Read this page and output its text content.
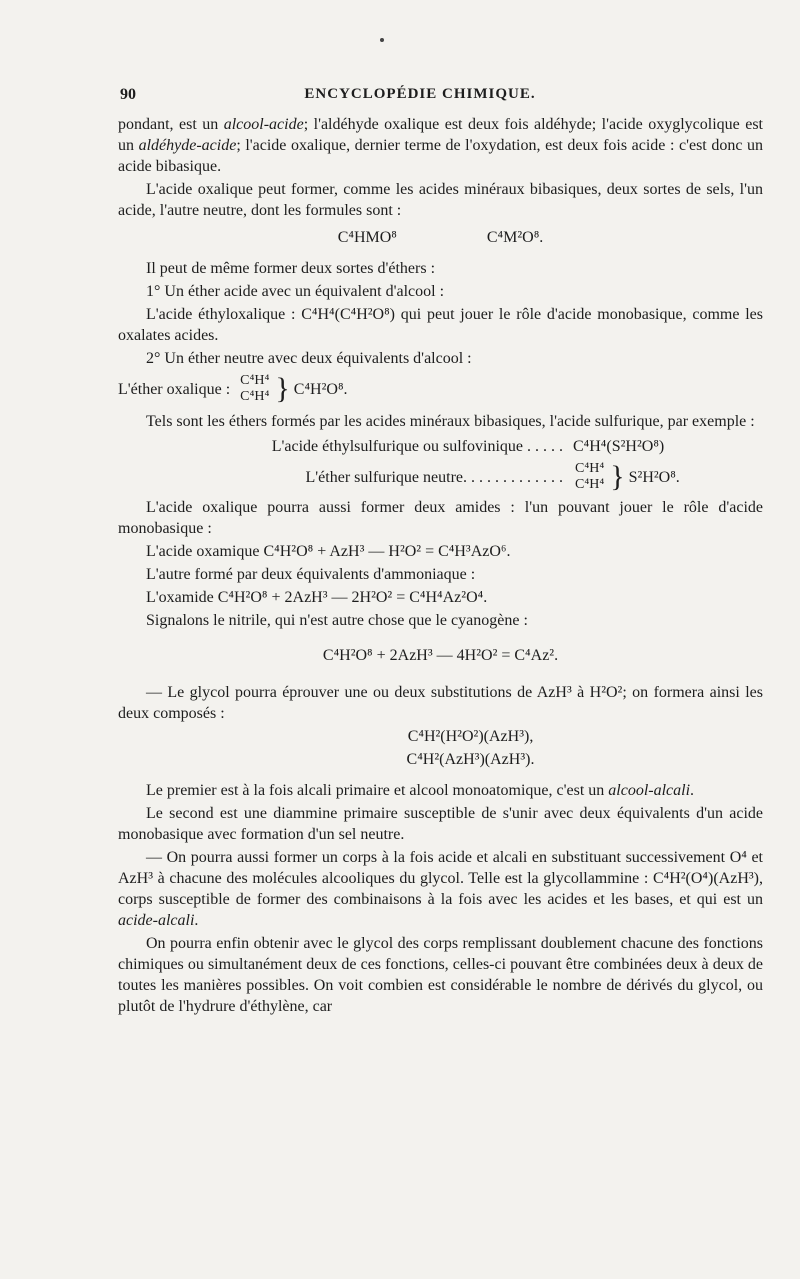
90	ENCYCLOPÉDIE CHIMIQUE.

pondant, est un alcool-acide; l'aldéhyde oxalique est deux fois aldéhyde; l'acide oxyglycolique est un aldéhyde-acide; l'acide oxalique, dernier terme de l'oxydation, est deux fois acide : c'est donc un acide bibasique.

L'acide oxalique peut former, comme les acides minéraux bibasiques, deux sortes de sels, l'un acide, l'autre neutre, dont les formules sont :

C⁴HMO⁸	C⁴M²O⁸.

Il peut de même former deux sortes d'éthers :

1° Un éther acide avec un équivalent d'alcool :

L'acide éthyloxalique : C⁴H⁴(C⁴H²O⁸) qui peut jouer le rôle d'acide monobasique, comme les oxalates acides.

2° Un éther neutre avec deux équivalents d'alcool :

L'éther oxalique : C⁴H⁴
C⁴H⁴ } C⁴H²O⁸.

Tels sont les éthers formés par les acides minéraux bibasiques, l'acide sulfurique, par exemple :

L'acide éthylsulfurique ou sulfovinique . . . . . C⁴H⁴(S²H²O⁸)
L'éther sulfurique neutre. . . . . . . . . . . . . C⁴H⁴
C⁴H⁴ } S²H²O⁸.

L'acide oxalique pourra aussi former deux amides : l'un pouvant jouer le rôle d'acide monobasique :

L'acide oxamique C⁴H²O⁸ + AzH³ — H²O² = C⁴H³AzO⁶.

L'autre formé par deux équivalents d'ammoniaque :

L'oxamide C⁴H²O⁸ + 2AzH³ — 2H²O² = C⁴H⁴Az²O⁴.

Signalons le nitrile, qui n'est autre chose que le cyanogène :

C⁴H²O⁸ + 2AzH³ — 4H²O² = C⁴Az².

— Le glycol pourra éprouver une ou deux substitutions de AzH³ à H²O²; on formera ainsi les deux composés :

C⁴H²(H²O²)(AzH³),

C⁴H²(AzH³)(AzH³).

Le premier est à la fois alcali primaire et alcool monoatomique, c'est un alcool-alcali.

Le second est une diammine primaire susceptible de s'unir avec deux équivalents d'un acide monobasique avec formation d'un sel neutre.

— On pourra aussi former un corps à la fois acide et alcali en substituant successivement O⁴ et AzH³ à chacune des molécules alcooliques du glycol. Telle est la glycollammine : C⁴H²(O⁴)(AzH³), corps susceptible de former des combinaisons à la fois avec les acides et les bases, et qui est un acide-alcali.

On pourra enfin obtenir avec le glycol des corps remplissant doublement chacune des fonctions chimiques ou simultanément deux de ces fonctions, celles-ci pouvant être combinées deux à deux de toutes les manières possibles. On voit combien est considérable le nombre de dérivés du glycol, ou plutôt de l'hydrure d'éthylène, car
